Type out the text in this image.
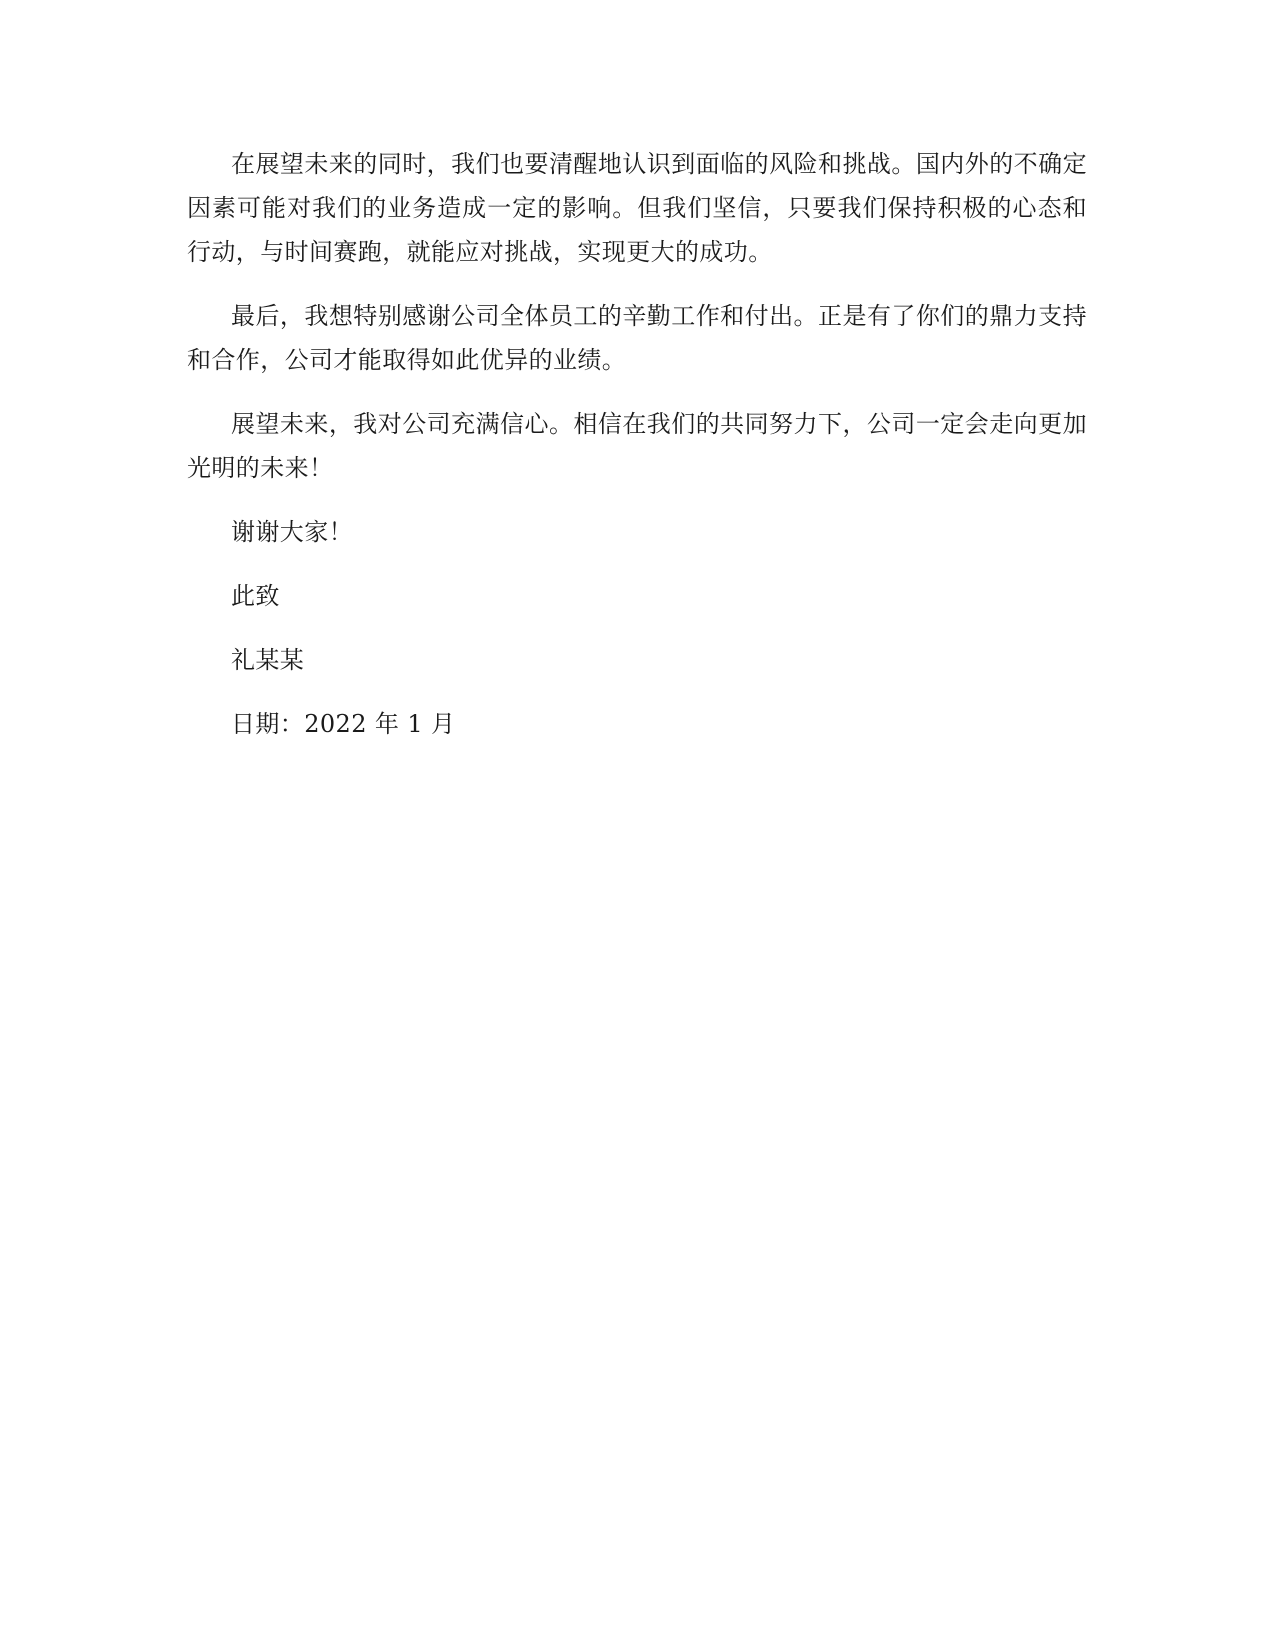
在展望未来的同时，我们也要清醒地认识到面临的风险和挑战。国内外的不确定因素可能对我们的业务造成一定的影响。但我们坚信，只要我们保持积极的心态和行动，与时间赛跑，就能应对挑战，实现更大的成功。

最后，我想特别感谢公司全体员工的辛勤工作和付出。正是有了你们的鼎力支持和合作，公司才能取得如此优异的业绩。

展望未来，我对公司充满信心。相信在我们的共同努力下，公司一定会走向更加光明的未来！

谢谢大家！

此致

礼某某

日期：2022 年 1 月
